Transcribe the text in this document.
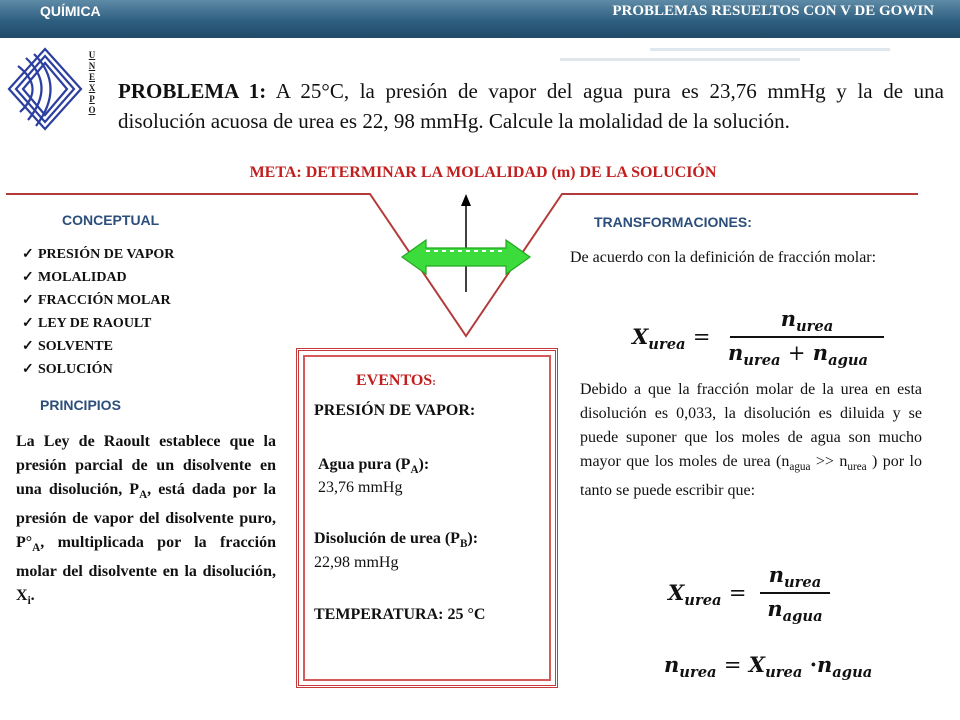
QUÍMICA	PROBLEMAS RESUELTOS CON V DE GOWIN
U
N
E
X
P
O
PROBLEMA 1: A 25°C, la presión de vapor del agua pura es 23,76 mmHg y la de una disolución acuosa de urea es 22, 98 mmHg. Calcule la molalidad de la solución.
META: DETERMINAR LA MOLALIDAD (m) DE LA SOLUCIÓN
CONCEPTUAL
✓ PRESIÓN DE VAPOR
✓ MOLALIDAD
✓ FRACCIÓN MOLAR
✓ LEY DE RAOULT
✓ SOLVENTE
✓ SOLUCIÓN
PRINCIPIOS
La Ley de Raoult establece que la presión parcial de un disolvente en una disolución, $P_A$, está dada por la presión de vapor del disolvente puro, $P^\circ_A$, multiplicada por la fracción molar del disolvente en la disolución, $X_i$.
EVENTOS:
PRESIÓN DE VAPOR:
Agua pura $(P_A)$:
23,76 mmHg
Disolución de urea $(P_B)$:
22,98 mmHg
TEMPERATURA: 25 °C
TRANSFORMACIONES:
De acuerdo con la definición de fracción molar:
$X_{urea}$ =
$n_{urea}$
$n_{urea} + n_{agua}$
Debido a que la fracción molar de la urea en esta disolución es 0,033, la disolución es diluida y se puede suponer que los moles de agua son mucho mayor que los moles de urea ($n_{agua} >> n_{urea}$ ) por lo tanto se puede escribir que:
$X_{urea}$ =
$n_{urea}$
$n_{agua}$
$n_{urea} = X_{urea} \cdot n_{agua}$
